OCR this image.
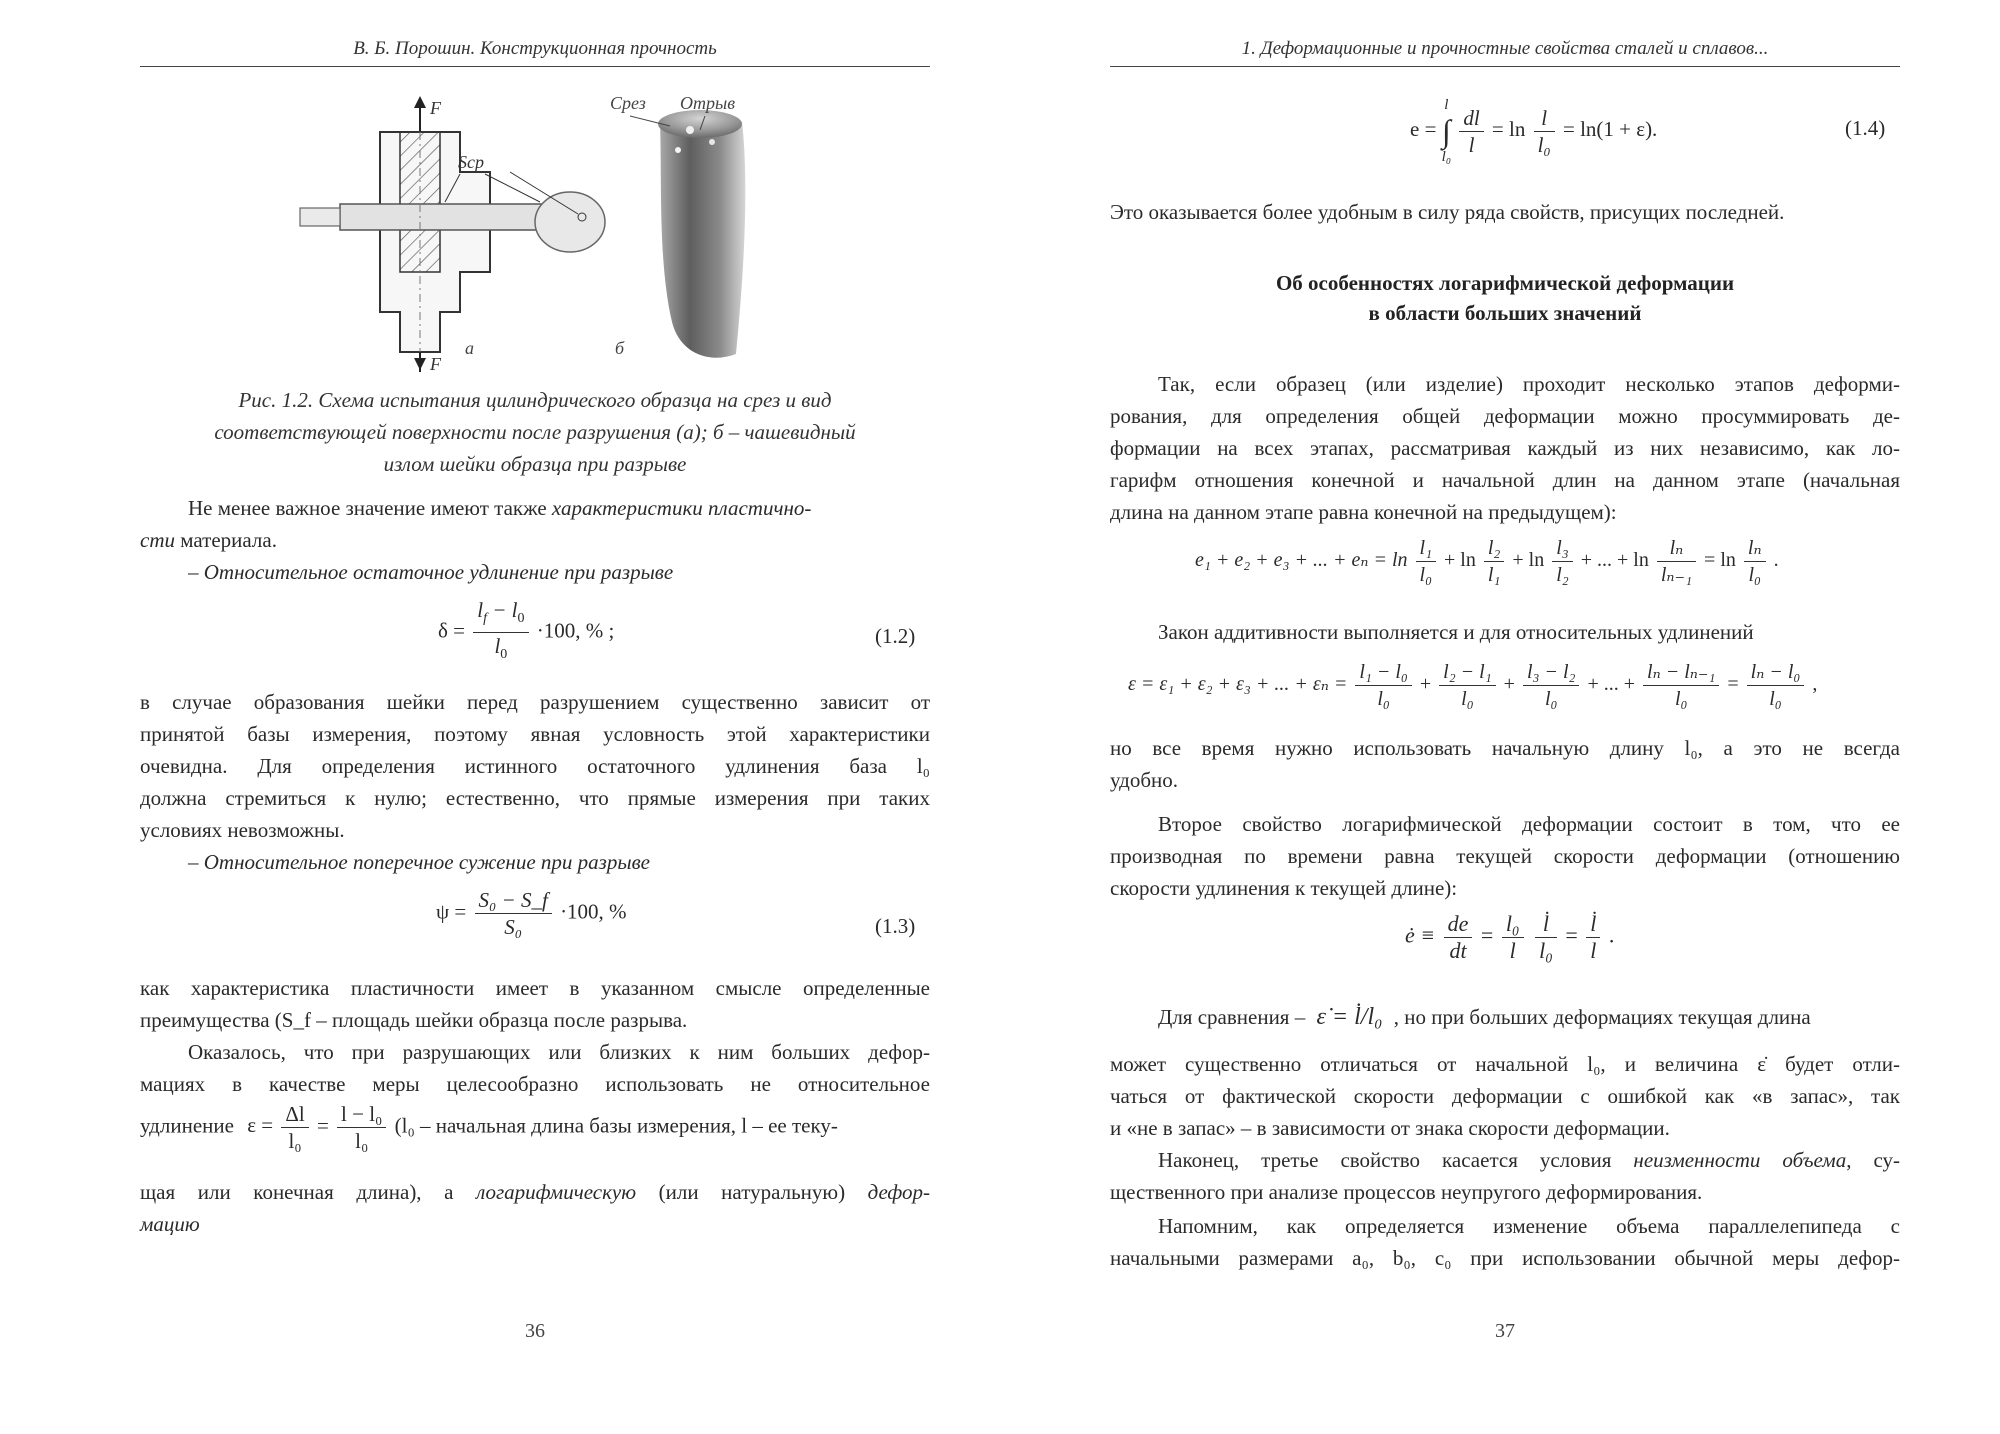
В. Б. Порошин. Конструкционная прочность
F
F
Sср
а
Срез Отрыв
б
Рис. 1.2. Схема испытания цилиндрического образца на срез и вид
соответствующей поверхности после разрушения (а); б – чашевидный
излом шейки образца при разрыве

Не менее важное значение имеют также характеристики пластично-
сти материала.

– Относительное остаточное удлинение при разрыве

$\delta = \frac{l_f - l_0}{l_0} \cdot 100$, % ;	(1.2)
в случае образования шейки перед разрушением существенно зависит от
принятой базы измерения, поэтому явная условность этой характеристики
очевидна. Для определения истинного остаточного удлинения база l₀
должна стремиться к нулю; естественно, что прямые измерения при таких
условиях невозможны.

– Относительное поперечное сужение при разрыве

$\psi = \frac{\text{S₀ − S\_f}}{\text{S₀}} \cdot 100$, %
(1.3)
как характеристика пластичности имеет в указанном смысле определенные
преимущества (S_f – площадь шейки образца после разрыва.
Оказалось, что при разрушающих или близких к ним больших дефор-
мациях в качестве меры целесообразно использовать не относительное
удлинение $\varepsilon = \frac{\Delta l}{\text{l₀}} = \frac{\text{l − l₀}}{\text{l₀}} (l_0$ – начальная длина базы измерения, l – ее теку-

щая или конечная длина), а логарифмическую (или натуральную) дефор-

мацию

36
1. Деформационные и прочностные свойства сталей и сплавов...
e =
l
∫
l₀

$\frac{dl}{l} = \ln \frac{l}{\text{l₀}} = \ln(1 + \varepsilon)$.	(1.4)

Это оказывается более удобным в силу ряда свойств, присущих последней.

Об особенностях логарифмической деформации
в области больших значений
Так, если образец (или изделие) проходит несколько этапов деформи-
рования, для определения общей деформации можно просуммировать де-
формации на всех этапах, рассматривая каждый из них независимо, как ло-
гарифм отношения конечной и начальной длин на данном этапе (начальная
длина на данном этапе равна конечной на предыдущем):
e₁ + e₂ + e₃ + ... + $e_n = \ln \frac{\text{l₁}}{\text{l₀}} + \ln \frac{\text{l₂}}{\text{l₁}} + \ln \frac{\text{l₃}}{\text{l₂}}$ + ... + $\ln \frac{\text{lₙ}}{\text{lₙ₋₁}} = \ln \frac{\text{lₙ}}{\text{l₀}}$ .

Закон аддитивности выполняется и для относительных удлинений

ε = ε₁ + ε₂ + ε₃ + ... + $\varepsilon_n = \frac{\text{l₁ − l₀}}{\text{l₀}} + \frac{\text{l₂ − l₁}}{\text{l₀}} + \frac{\text{l₃ − l₂}}{\text{l₀}}$ + ... + $\frac{\text{lₙ − lₙ₋₁}}{\text{l₀}} = \frac{\text{lₙ − l₀}}{\text{l₀}}$ ,
но все время нужно использовать начальную длину l₀, а это не всегда
удобно.
Второе свойство логарифмической деформации состоит в том, что ее
производная по времени равна текущей скорости деформации (отношению
скорости удлинения к текущей длине):
ė ≡ $\frac{de}{dt} = \frac{\text{l₀}}{l}$
$\frac{l̇}{\text{l₀}} = \frac{l̇}{l}$ .
Для сравнения – ε̇ = l̇/l₀ , но при больших деформациях текущая длина
может существенно отличаться от начальной l₀, и величина ε̇ будет отли-
чаться от фактической скорости деформации с ошибкой как «в запас», так
и «не в запас» – в зависимости от знака скорости деформации.

Наконец, третье свойство касается условия неизменности объема, су-

щественного при анализе процессов неупругого деформирования.

Напомним, как определяется изменение объема параллелепипеда с
начальными размерами a₀, b₀, c₀ при использовании обычной меры дефор-
37
